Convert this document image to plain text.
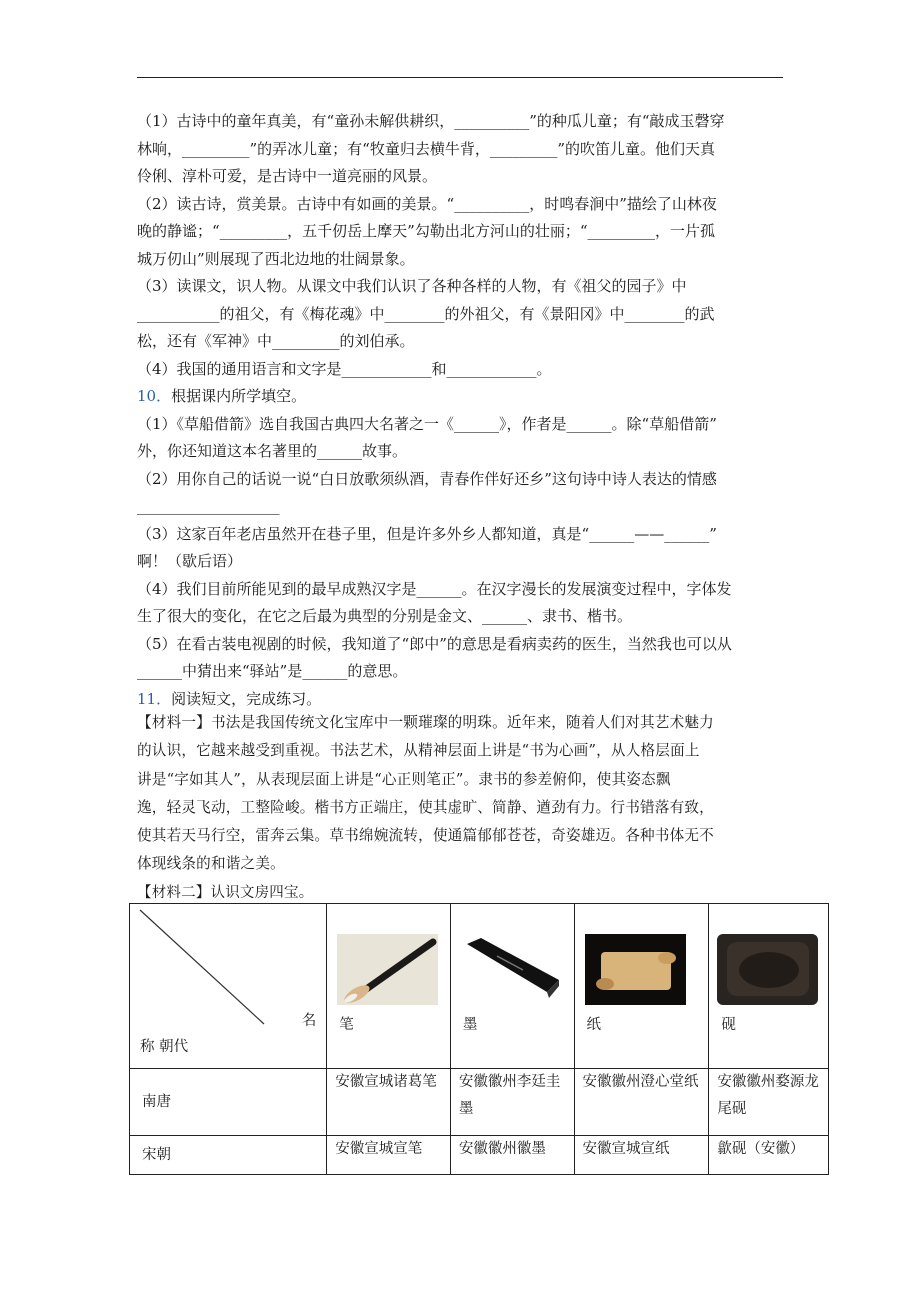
（1）古诗中的童年真美，有“童孙未解供耕织，__________”的种瓜儿童；有“敲成玉磬穿

林响，_________”的弄冰儿童；有“牧童归去横牛背，_________”的吹笛儿童。他们天真

伶俐、淳朴可爱，是古诗中一道亮丽的风景。

（2）读古诗，赏美景。古诗中有如画的美景。“__________，时鸣春涧中”描绘了山林夜

晚的静谧；“_________，五千仞岳上摩天”勾勒出北方河山的壮丽；“_________，一片孤

城万仞山”则展现了西北边地的壮阔景象。

（3）读课文，识人物。从课文中我们认识了各种各样的人物，有《祖父的园子》中

___________的祖父，有《梅花魂》中________的外祖父，有《景阳冈》中________的武

松，还有《军神》中_________的刘伯承。

（4）我国的通用语言和文字是____________和____________。

10．根据课内所学填空。

（1）《草船借箭》选自我国古典四大名著之一《______》，作者是______。除“草船借箭”

外，你还知道这本名著里的______故事。

（2）用你自己的话说一说“白日放歌须纵酒，青春作伴好还乡”这句诗中诗人表达的情感

___________________

（3）这家百年老店虽然开在巷子里，但是许多外乡人都知道，真是“______——______”

啊！（歇后语）

（4）我们目前所能见到的最早成熟汉字是______。在汉字漫长的发展演变过程中，字体发

生了很大的变化，在它之后最为典型的分别是金文、______、隶书、楷书。

（5）在看古装电视剧的时候，我知道了“郎中”的意思是看病卖药的医生，当然我也可以从

______中猜出来“驿站”是______的意思。

11．阅读短文，完成练习。

【材料一】书法是我国传统文化宝库中一颗璀璨的明珠。近年来，随着人们对其艺术魅力
的认识，它越来越受到重视。书法艺术，从精神层面上讲是“书为心画”，从人格层面上
讲是“字如其人”，从表现层面上讲是“心正则笔正”。隶书的参差俯仰，使其姿态飘
逸，轻灵飞动，工整险峻。楷书方正端庄，使其虚旷、简静、遒劲有力。行书错落有致，
使其若天马行空，雷奔云集。草书绵婉流转，使通篇郁郁苍苍，奇姿雄迈。各种书体无不
体现线条的和谐之美。
【材料二】认识文房四宝。
名
称 朝代	笔	墨	纸	砚

南唐	安徽宣城诸葛笔	安徽徽州李廷圭墨	安徽徽州澄心堂纸	安徽徽州婺源龙尾砚
宋朝	安徽宣城宣笔	安徽徽州徽墨	安徽宣城宣纸	歙砚（安徽）
